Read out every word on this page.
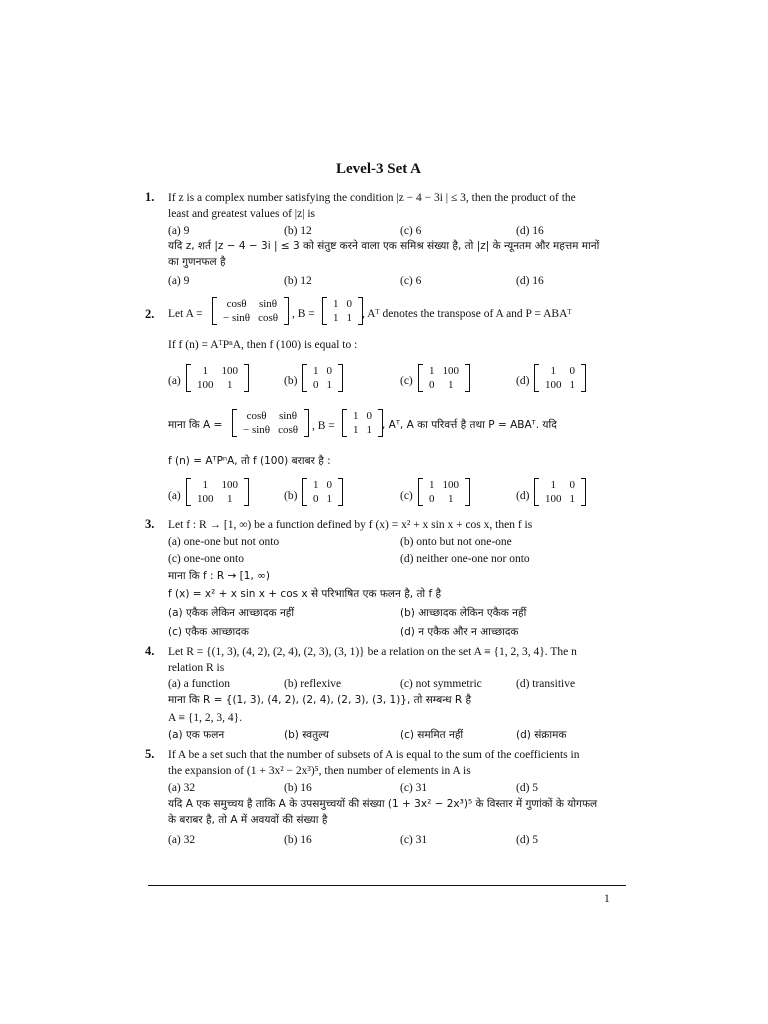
Level-3 Set A
1. If z is a complex number satisfying the condition |z − 4 − 3i | ≤ 3, then the product of the
least and greatest values of |z| is
(a) 9	(b) 12	(c) 6	(d) 16
यदि z, शर्त |z − 4 − 3i | ≤ 3 को संतुष्ट करने वाला एक समिश्र संख्या है, तो |z| के न्यूनतम और महत्तम मानों
का गुणनफल है
(a) 9	(b) 12	(c) 6	(d) 16
2. Let A =
cosθ	sinθ
− sinθ	cosθ , B =
1	0
1	1 , Aᵀ denotes the transpose of A and P = ABAᵀ
If f (n) = AᵀPⁿA, then f (100) is equal to :
(a)
1	100
100	1	(b)
1	0
0	1	(c)
1	100
0	1	(d)
1	0
100	1
माना कि A =
cosθ	sinθ
− sinθ	cosθ , B =
1	0
1	1 , Aᵀ, A का परिवर्त्त है तथा P = ABAᵀ. यदि
f (n) = AᵀPⁿA, तो f (100) बराबर है :
(a)
1	100
100	1	(b)
1	0
0	1	(c)
1	100
0	1	(d)
1	0
100	1
3. Let f : R → [1, ∞) be a function defined by f (x) = x² + x sin x + cos x, then f is
(a) one-one but not onto	(b) onto but not one-one
(c) one-one onto	(d) neither one-one nor onto
माना कि f : R → [1, ∞)
f (x) = x² + x sin x + cos x से परिभाषित एक फलन है, तो f है
(a) एकैक लेकिन आच्छादक नहीं	(b) आच्छादक लेकिन एकैक नहीं
(c) एकैक आच्छादक	(d) न एकैक और न आच्छादक
4. Let R = {(1, 3), (4, 2), (2, 4), (2, 3), (3, 1)} be a relation on the set A ≡ {1, 2, 3, 4}. The n
relation R is
(a) a function	(b) reflexive	(c) not symmetric	(d) transitive
माना कि R = {(1, 3), (4, 2), (2, 4), (2, 3), (3, 1)}, तो सम्बन्ध R है
A ≡ {1, 2, 3, 4}.
(a) एक फलन	(b) स्वतुल्य	(c) सममित नहीं	(d) संक्रामक
5. If A be a set such that the number of subsets of A is equal to the sum of the coefficients in
the expansion of (1 + 3x² − 2x³)⁵, then number of elements in A is
(a) 32	(b) 16	(c) 31	(d) 5
यदि A एक समुच्चय है ताकि A के उपसमुच्चयों की संख्या (1 + 3x² − 2x³)⁵ के विस्तार में गुणांकों के योगफल
के बराबर है, तो A में अवयवों की संख्या है
(a) 32	(b) 16	(c) 31	(d) 5
1
